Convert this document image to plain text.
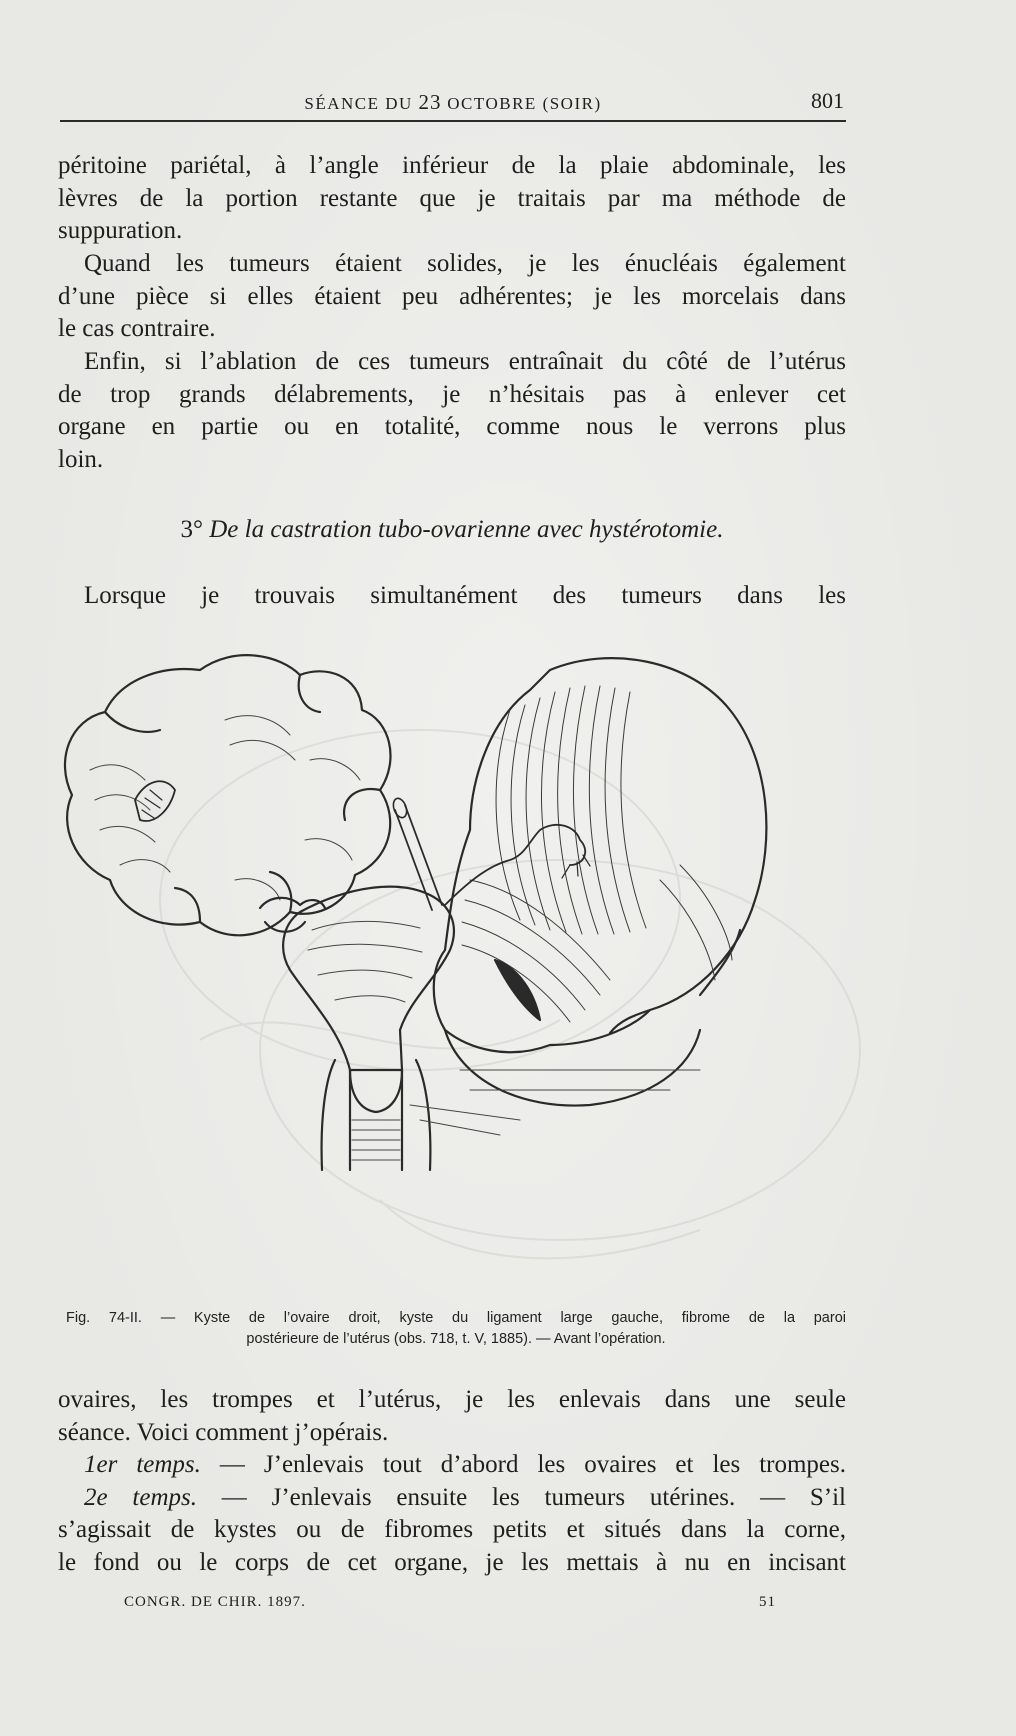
SÉANCE DU 23 OCTOBRE (SOIR)	801

péritoine pariétal, à l’angle inférieur de la plaie abdominale, les
lèvres de la portion restante que je traitais par ma méthode de
suppuration.

Quand les tumeurs étaient solides, je les énucléais également
d’une pièce si elles étaient peu adhérentes; je les morcelais dans
le cas contraire.

Enfin, si l’ablation de ces tumeurs entraînait du côté de l’utérus
de trop grands délabrements, je n’hésitais pas à enlever cet
organe en partie ou en totalité, comme nous le verrons plus
loin.

3° De la castration tubo-ovarienne avec hystérotomie.

Lorsque je trouvais simultanément des tumeurs dans les

Fig. 74-II. — Kyste de l’ovaire droit, kyste du ligament large gauche, fibrome de la paroi
postérieure de l’utérus (obs. 718, t. V, 1885). — Avant l’opération.

ovaires, les trompes et l’utérus, je les enlevais dans une seule
séance. Voici comment j’opérais.
1er temps. — J’enlevais tout d’abord les ovaires et les trompes.
2e temps. — J’enlevais ensuite les tumeurs utérines. — S’il
s’agissait de kystes ou de fibromes petits et situés dans la corne,
le fond ou le corps de cet organe, je les mettais à nu en incisant

CONGR. DE CHIR. 1897.	51
